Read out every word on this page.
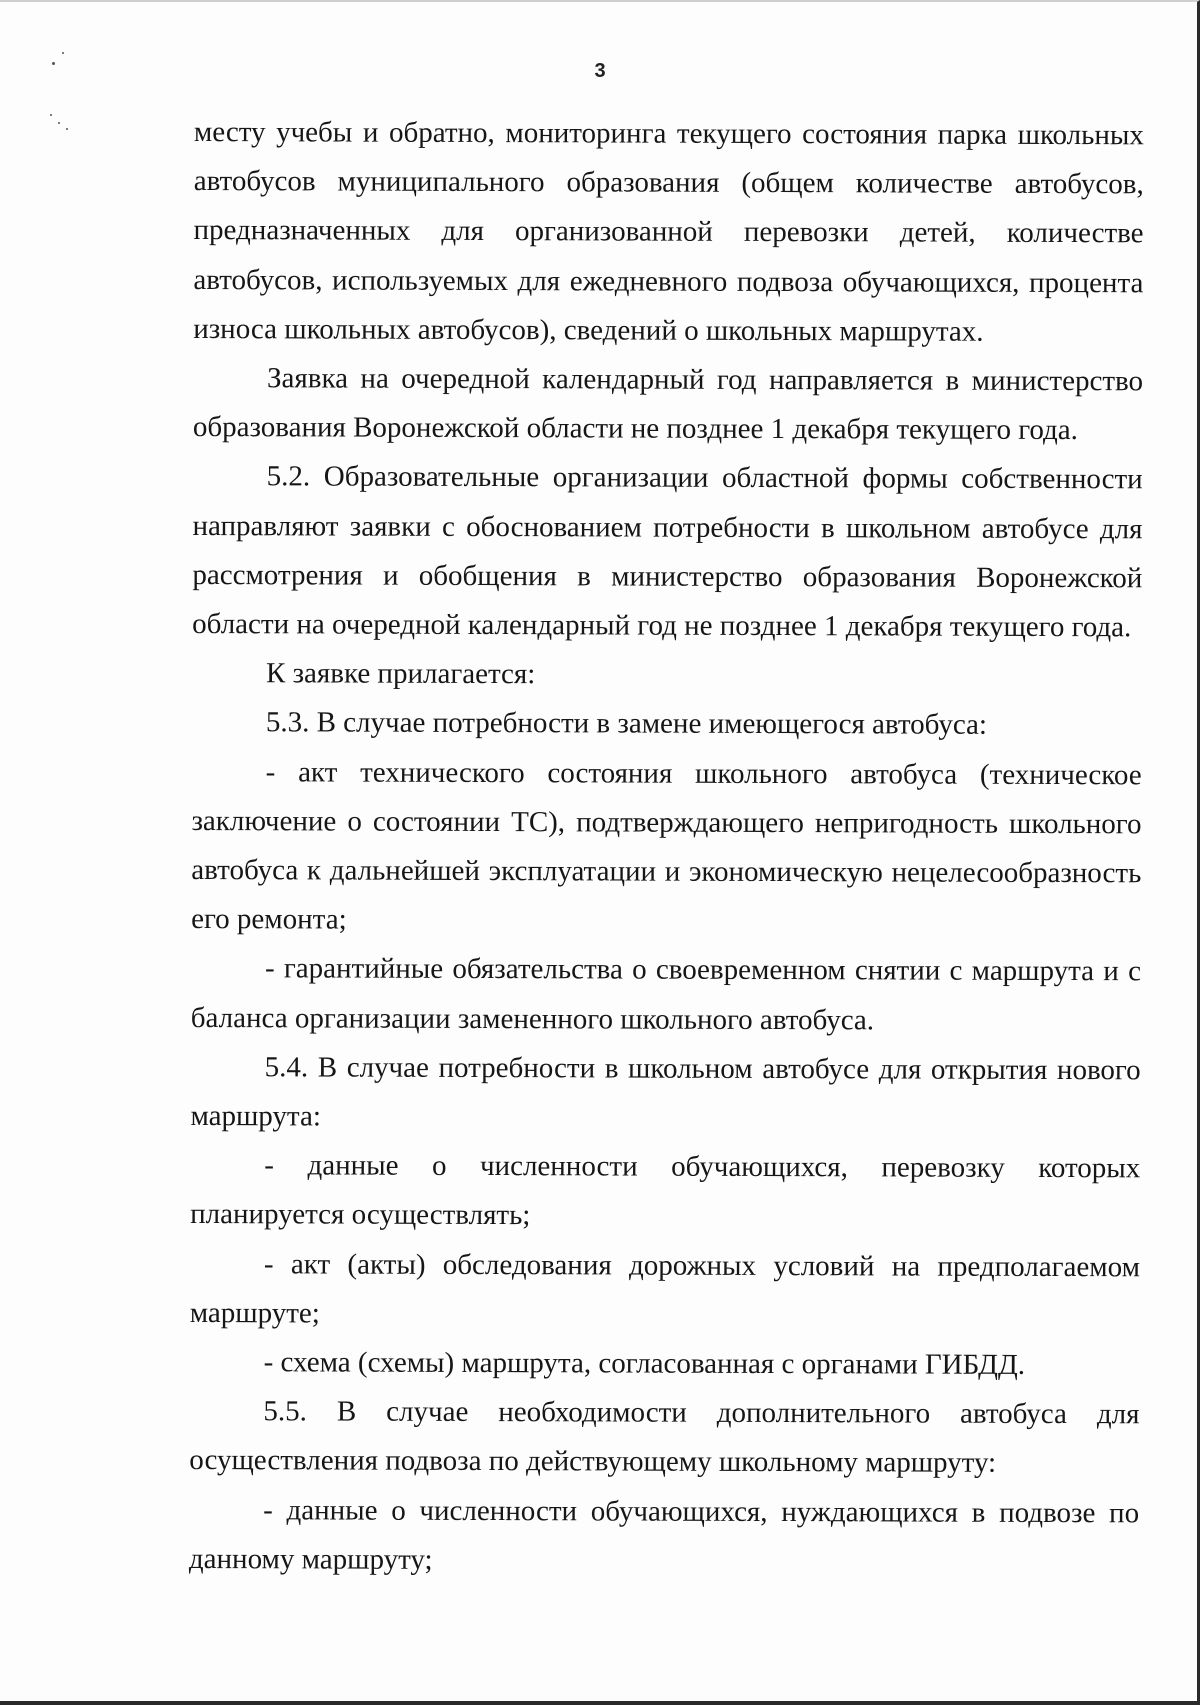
3

месту учебы и обратно, мониторинга текущего состояния парка школьных автобусов муниципального образования (общем количестве автобусов, предназначенных для организованной перевозки детей, количестве автобусов, используемых для ежедневного подвоза обучающихся, процента износа школьных автобусов), сведений о школьных маршрутах.

Заявка на очередной календарный год направляется в министерство образования Воронежской области не позднее 1 декабря текущего года.

5.2. Образовательные организации областной формы собственности направляют заявки с обоснованием потребности в школьном автобусе для рассмотрения и обобщения в министерство образования Воронежской области на очередной календарный год не позднее 1 декабря текущего года.

К заявке прилагается:

5.3. В случае потребности в замене имеющегося автобуса:

- акт технического состояния школьного автобуса (техническое заключение о состоянии ТС), подтверждающего непригодность школьного автобуса к дальнейшей эксплуатации и экономическую нецелесообразность его ремонта;

- гарантийные обязательства о своевременном снятии с маршрута и с баланса организации замененного школьного автобуса.

5.4. В случае потребности в школьном автобусе для открытия нового маршрута:

- данные о численности обучающихся, перевозку которых планируется осуществлять;

- акт (акты) обследования дорожных условий на предполагаемом маршруте;

- схема (схемы) маршрута, согласованная с органами ГИБДД.

5.5. В случае необходимости дополнительного автобуса для осуществления подвоза по действующему школьному маршруту:

- данные о численности обучающихся, нуждающихся в подвозе по данному маршруту;
